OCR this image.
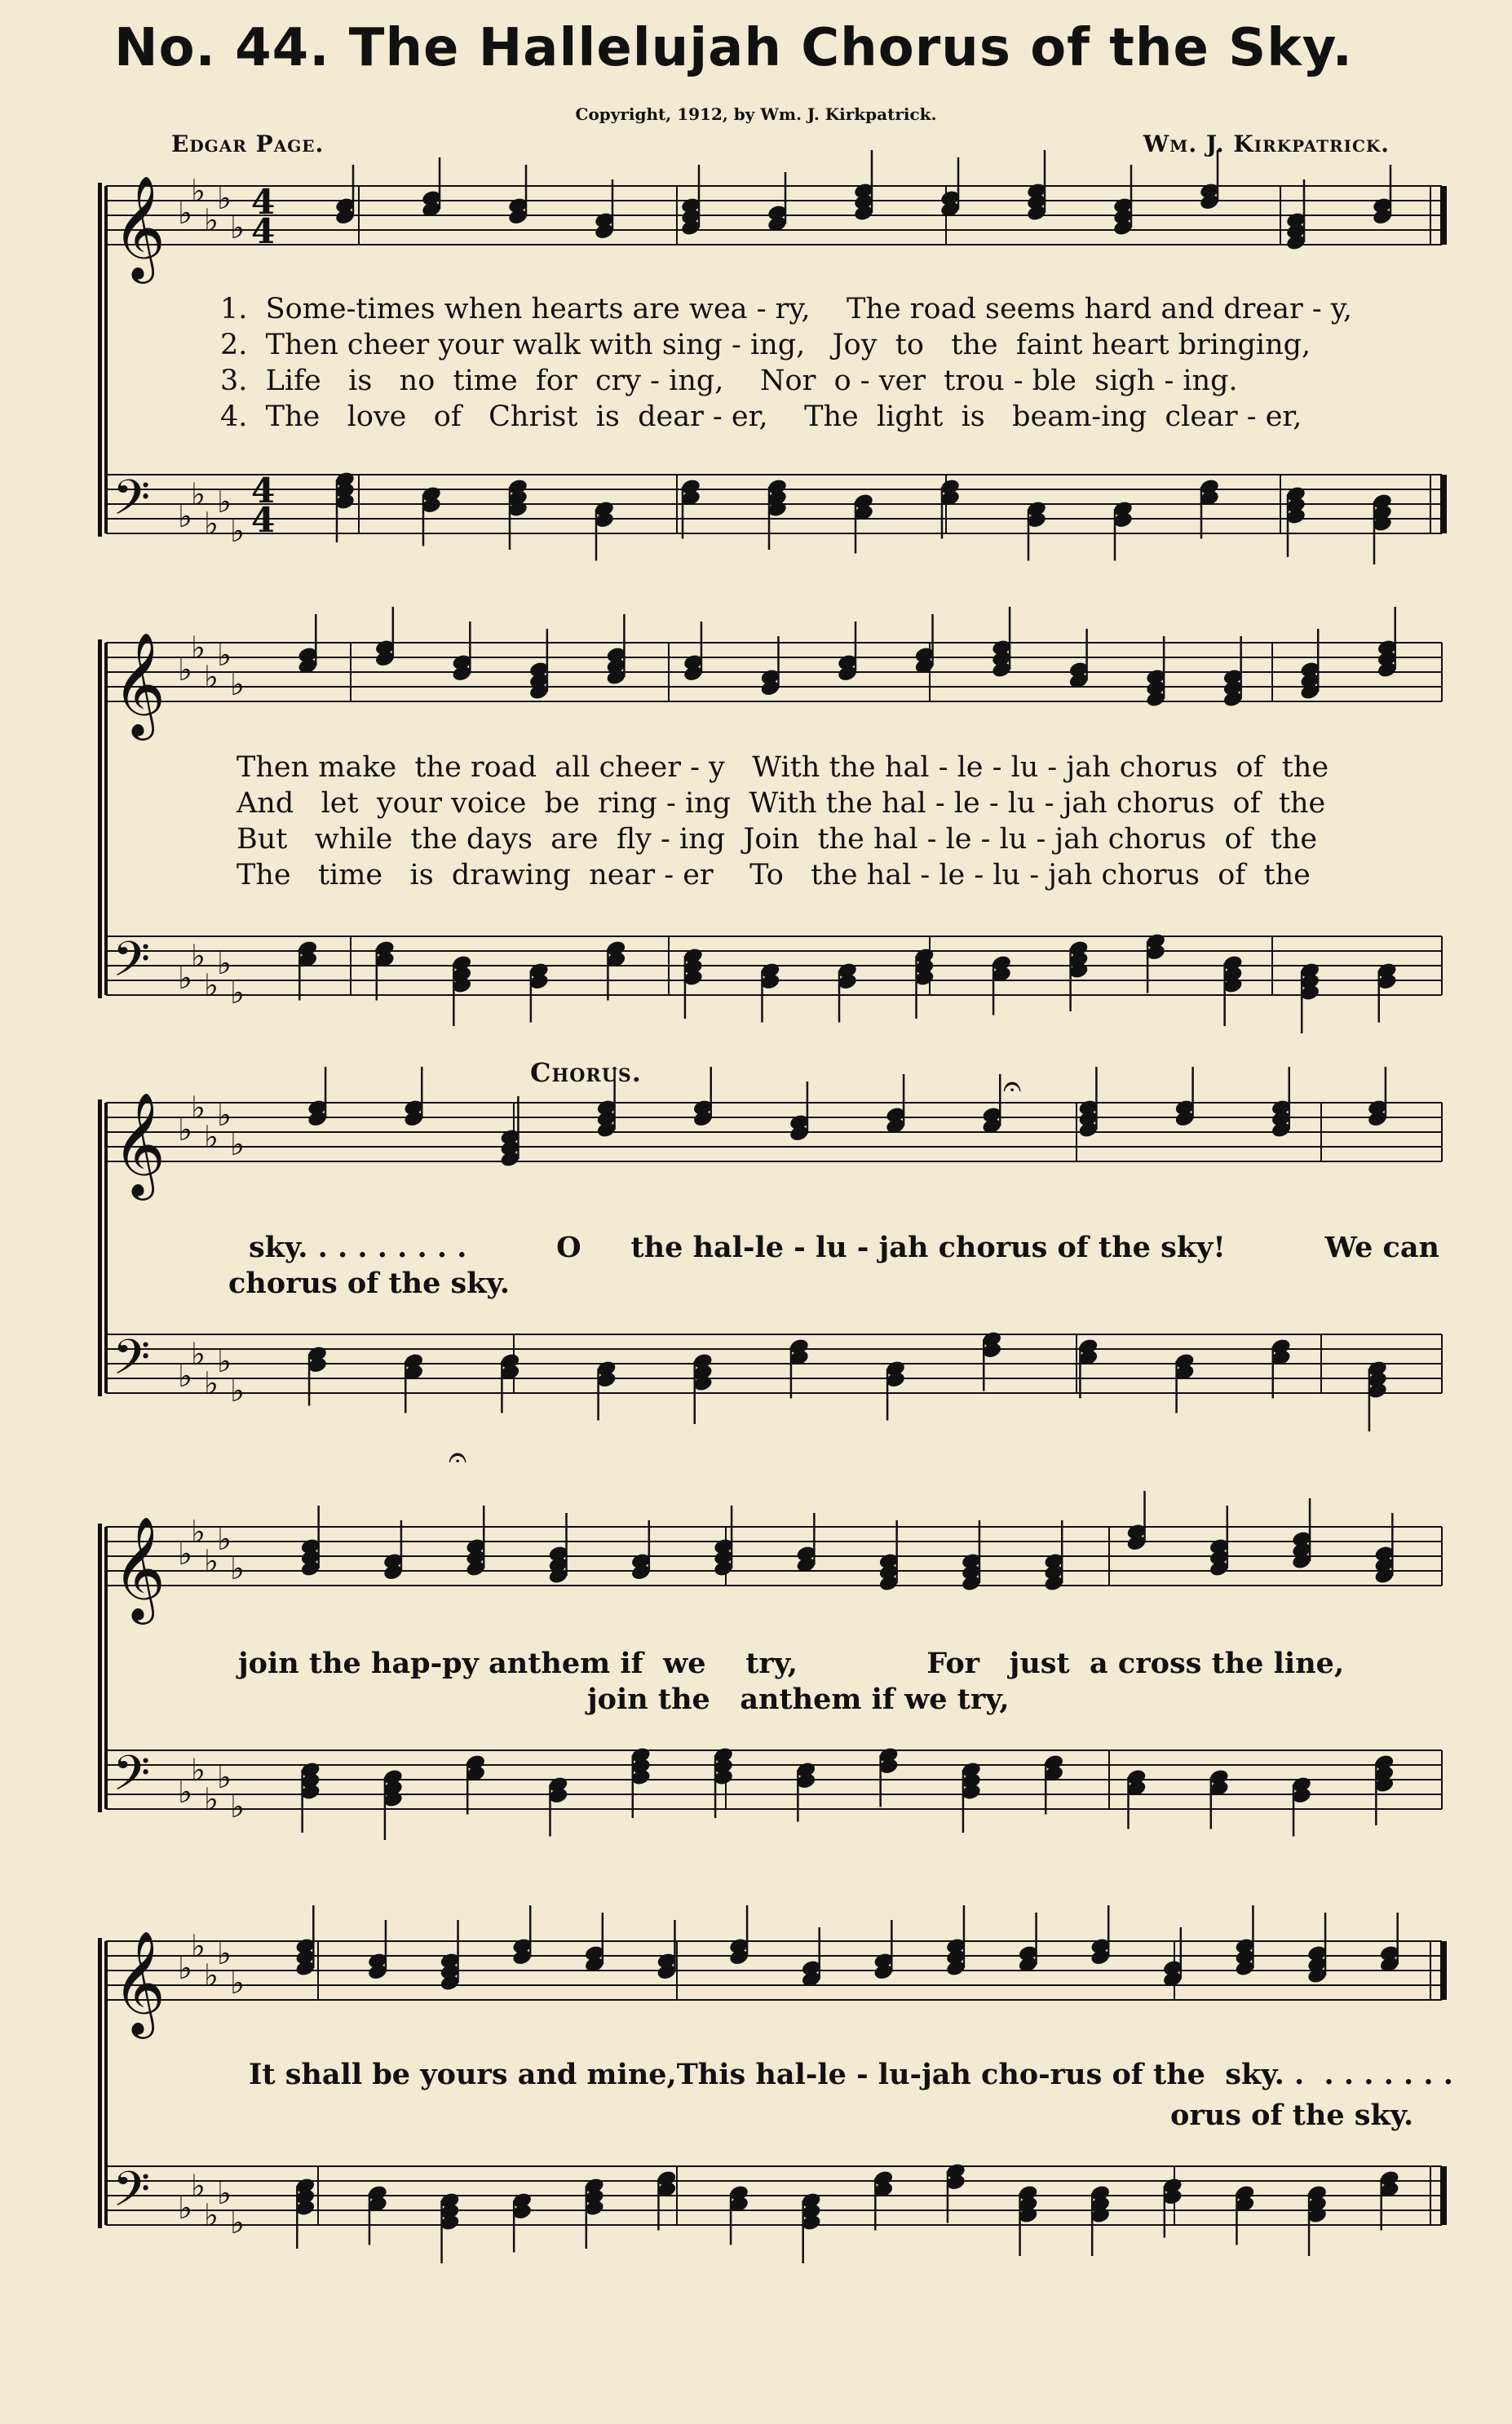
No. 44. The Hallelujah Chorus of the Sky.
Copyright, 1912, by Wm. J. Kirkpatrick.
Edgar Page.	Wm. J. Kirkpatrick.
𝄞
𝄢
♭
♭
♭
♭
♭
♭
♭
♭
♭
♭
4
4
4
4
𝄞
𝄢
♭
♭
♭
♭
♭
♭
♭
♭
♭
♭
𝄞
𝄢
♭
♭
♭
♭
♭
♭
♭
♭
♭
♭
𝄞
𝄢
♭
♭
♭
♭
♭
♭
♭
♭
♭
♭
𝄞
𝄢
♭
♭
♭
♭
♭
♭
♭
♭
♭
♭
𝄐
𝄐
1.  Some-times when hearts are wea - ry,    The road seems hard and drear - y,
2.  Then cheer your walk with sing - ing,   Joy  to   the  faint heart bringing,
3.  Life   is   no  time  for  cry - ing,    Nor  o - ver  trou - ble  sigh - ing.
4.  The   love   of   Christ  is  dear - er,    The  light  is   beam-ing  clear - er,
Then make  the road  all cheer - y   With the hal - le - lu - jah chorus  of  the
And   let  your voice  be  ring - ing  With the hal - le - lu - jah chorus  of  the
But   while  the days  are  fly - ing  Join  the hal - le - lu - jah chorus  of  the
The   time   is  drawing  near - er    To   the hal - le - lu - jah chorus  of  the
Chorus.
sky. . . . . . . . .         O     the hal-le - lu - jah chorus of the sky!          We can
chorus of the sky.
join the hap-py anthem if  we    try,             For   just  a cross the line,
join the   anthem if we try,
It shall be yours and mine,This hal-le - lu-jah cho-rus of the  sky. .  . . . . . . .
orus of the sky.
